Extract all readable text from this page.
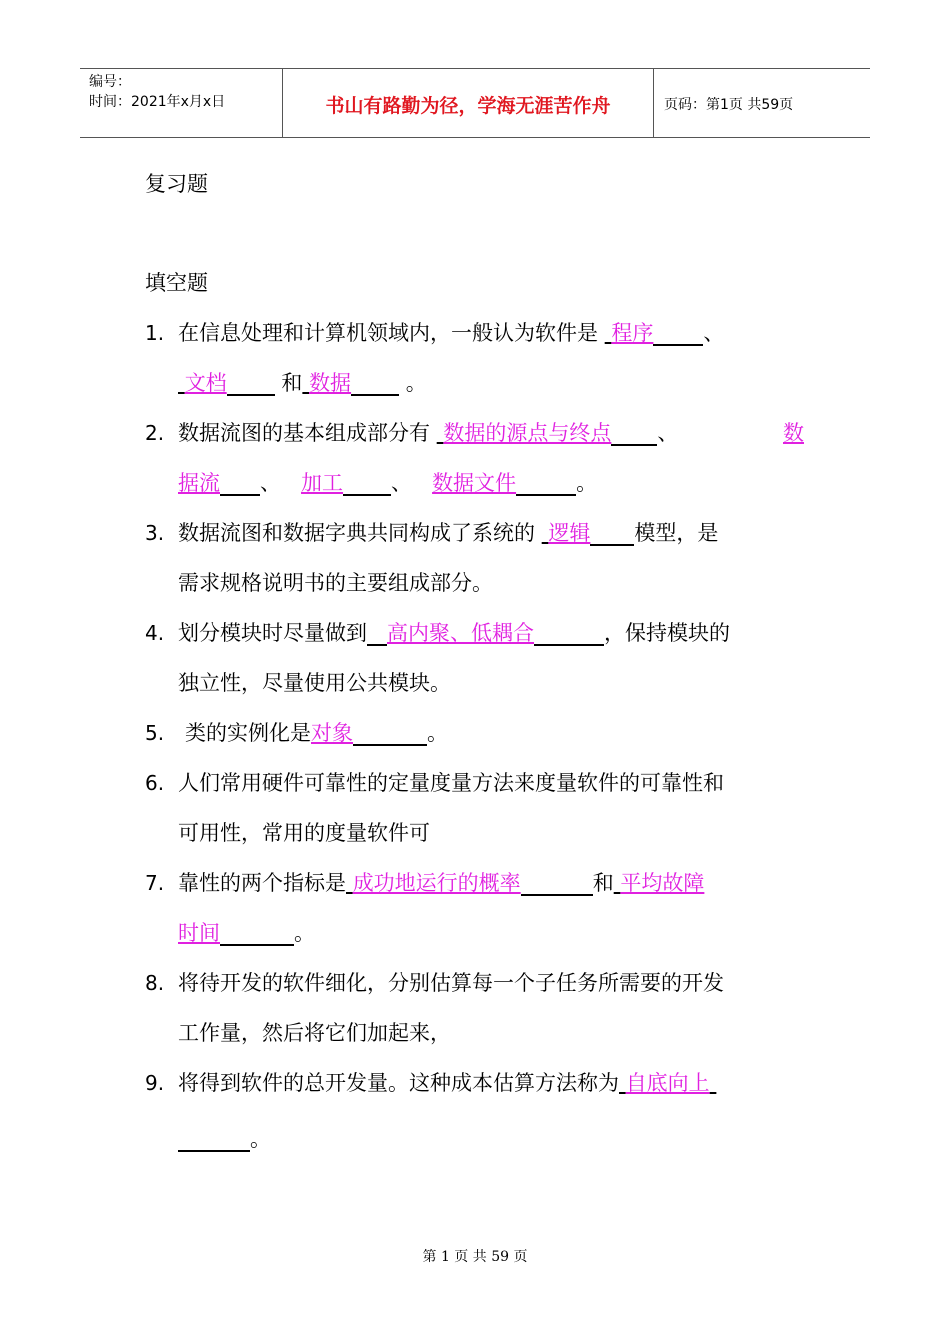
编号：
时间：2021年x月x日	书山有路勤为径，学海无涯苦作舟	页码：第1页 共59页
复习题
填空题
1. 在信息处理和计算机领域内，一般认为软件是 程序 、
文档	和 数据	。
2. 数据流图的基本组成部分有 数据的源点与终点 、	数
据流 、 加工 、 数据文件	。
3. 数据流图和数据字典共同构成了系统的 逻辑 模型，是
需求规格说明书的主要组成部分。
4. 划分模块时尽量做到 高内聚、低耦合	，保持模块的
独立性，尽量使用公共模块。
5. 类的实例化是对象	。
6. 人们常用硬件可靠性的定量度量方法来度量软件的可靠性和
可用性，常用的度量软件可
7. 靠性的两个指标是 成功地运行的概率	和 平均故障
时间	。
8. 将待开发的软件细化，分别估算每一个子任务所需要的开发
工作量，然后将它们加起来，
9. 将得到软件的总开发量。这种成本估算方法称为 自底向上
。
第 1 页 共 59 页
